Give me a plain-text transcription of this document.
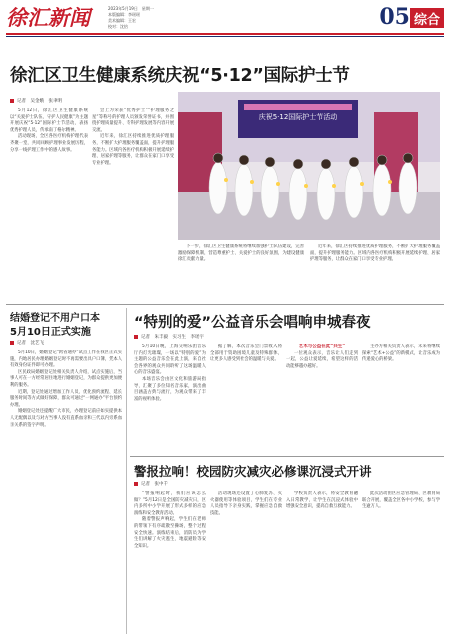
徐汇新闻	2023年5月19日　星期一
本版编辑：李瑶瑶
美术编辑：王宏
校对：沈怡	05 综合
徐汇区卫生健康系统庆祝“5·12”国际护士节
记者　吴金娥　张聿明

5月12日，徐汇区卫生健康系统以“关爱护士队伍，守护人民健康”为主题开展庆祝“5·12”国际护士节活动，表扬优秀护理人员，传承南丁格尔精神。

活动现场，全区各医疗机构护理代表齐聚一堂，共同回顾护理事业发展历程，分享一线护理工作中的感人故事。

会上为荣获“优秀护士”“护理服务之星”等称号的护理人员颁发荣誉证书，并围绕护理质量提升、专科护理发展等内容开展交流。

近年来，徐汇区持续推进优质护理服务，不断扩大护理服务覆盖面，提升护理服务能力。区域内各医疗机构积极开展延续护理、居家护理等服务，让群众在家门口享受专业护理。

庆祝5·12国际护士节活动

下一步，徐汇区卫生健康系统将继续加强护士队伍建设，完善激励保障机制，营造尊重护士、关爱护士的良好氛围，为建设健康徐汇贡献力量。

近年来，徐汇区持续推进优质护理服务，不断扩大护理服务覆盖面，提升护理服务能力。区域内各医疗机构积极开展延续护理、居家护理等服务，让群众在家门口享受专业护理。

结婚登记不用户口本
5月10日正式实施
记者　沈艺飞

5月10日，婚姻登记“跨省通办”试点工作在我区正式实施，内地居民办理婚姻登记时不再需要出具户口簿，凭本人有效身份证件即可办理。

区民政局婚姻登记处相关负责人介绍，试点实施后，当事人可在一方经常居住地进行婚姻登记，为群众提供更加便利的服务。

近期，登记处通过增加工作人员、优化预约流程、延长服务时间等方式做好保障，群众可通过“一网通办”平台预约办理。

婚姻登记处还提醒广大市民，办理登记前应如实提供本人无配偶以及与对方当事人没有直系血亲和三代以内旁系血亲关系的签字声明。

“特别的爱”公益音乐会唱响申城春夜
记者　朱丰毅　实习生　李瑶宇

5月10日晚，上海交响乐团音乐厅内灯光璀璨，一场以“特别的爱”为主题的公益音乐会在此上演，来自社会各界的观众共同聆听了这场温暖人心的音乐盛宴。

本场音乐会由区文化和旅游局指导，汇聚了多位知名音乐家，演出曲目涵盖古典与流行，为观众带来了丰富的视听体验。

据了解，本次音乐会门票收入将全部用于资助困境儿童及特殊群体，让更多人感受到社会的温暖与关爱。

艺术与公益在此“共生”

一位观众表示，音乐让人们走到一起，公益让爱延续，希望这样的活动能够越办越好。

主办方相关负责人表示，未来将继续探索“艺术+公益”的新模式，让音乐成为传递爱心的桥梁。

警报拉响！校园防灾减灾必修课沉浸式开讲
记者　张中千

“警报响起时，我们应该怎么做？”5月12日是全国防灾减灾日，区内多所中小学开展了形式多样的应急演练和安全教育活动。

随着警报声响起，学生们在老师的带领下有序疏散至操场，整个过程安全快速。演练结束后，消防员为学生们讲解了火灾逃生、地震避险等安全知识。

活动现场还设置了心肺复苏、灭火器使用等体验项目，学生们在专业人员指导下亲身实践，掌握应急自救技能。

学校负责人表示，将安全教育融入日常教学，让学生在沉浸式体验中增强安全意识，提高自救互救能力。

此次活动由区应急管理局、区教育局联合开展，覆盖全区各中小学校，参与学生逾万人。
